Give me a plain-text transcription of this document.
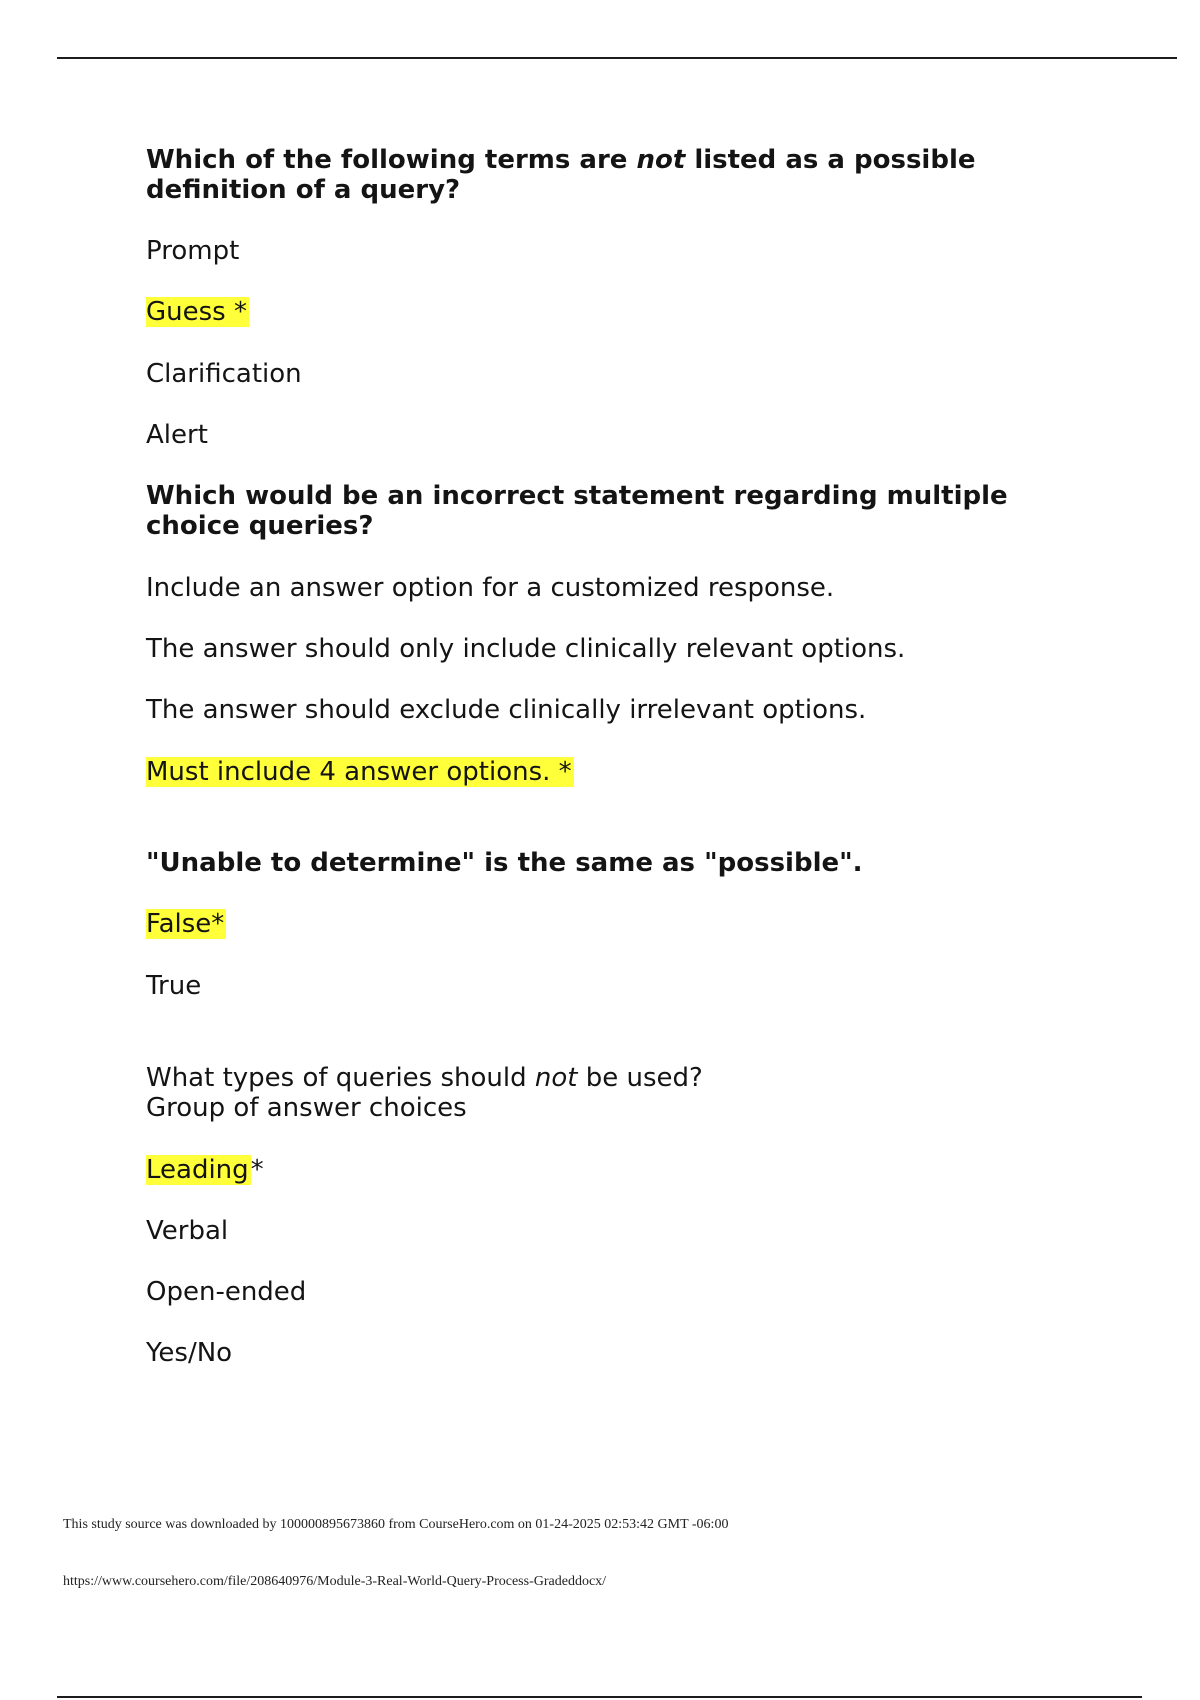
Which of the following terms are not listed as a possible
definition of a query?

Prompt

Guess *

Clarification

Alert

Which would be an incorrect statement regarding multiple
choice queries?

Include an answer option for a customized response.

The answer should only include clinically relevant options.

The answer should exclude clinically irrelevant options.

Must include 4 answer options. *

"Unable to determine" is the same as "possible".

False*

True

What types of queries should not be used?
Group of answer choices

Leading*

Verbal

Open-ended

Yes/No

This study source was downloaded by 100000895673860 from CourseHero.com on 01-24-2025 02:53:42 GMT -06:00
https://www.coursehero.com/file/208640976/Module-3-Real-World-Query-Process-Gradeddocx/
